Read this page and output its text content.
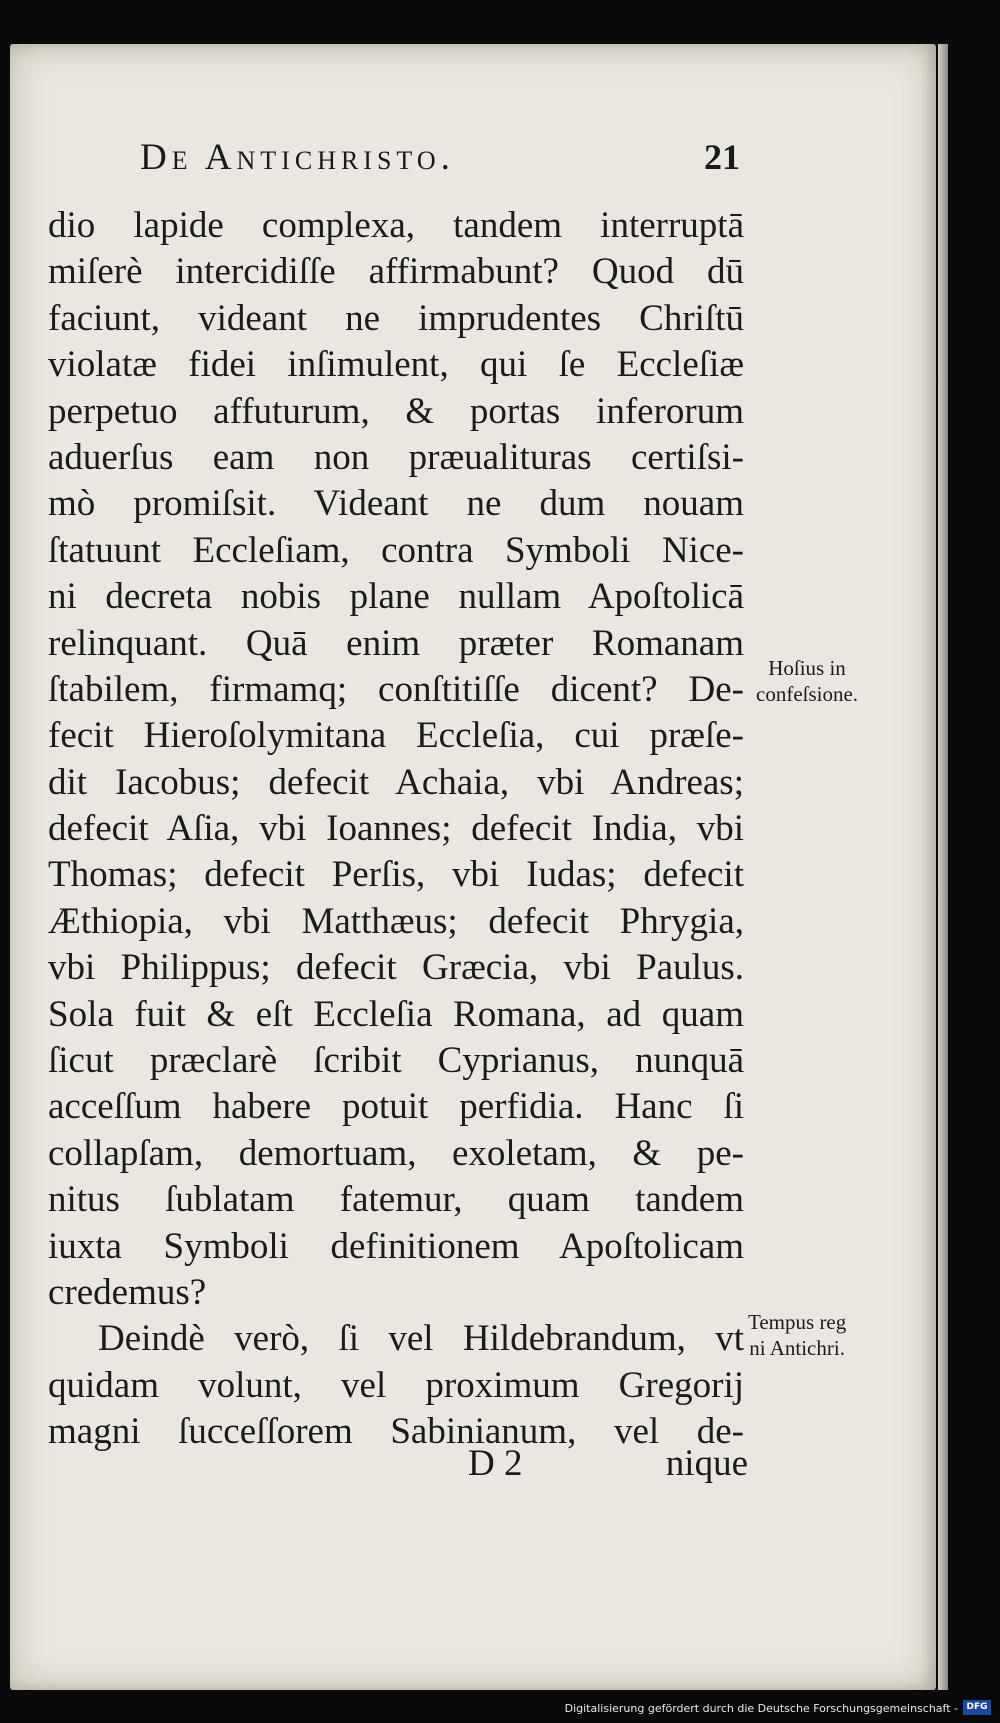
De Antichristo.	21
dio lapide complexa, tandem interruptā
miſerè intercidiſſe affirmabunt? Quod dū
faciunt, videant ne imprudentes Chriſtū
violatæ fidei inſimulent, qui ſe Eccleſiæ
perpetuo affuturum, & portas inferorum
aduerſus eam non præualituras certiſsi-
mò promiſsit. Videant ne dum nouam
ſtatuunt Eccleſiam, contra Symboli Nice-
ni decreta nobis plane nullam Apoſtolicā
relinquant. Quā enim præter Romanam
ſtabilem, firmamq; conſtitiſſe dicent? De-
fecit Hieroſolymitana Eccleſia, cui præſe-
dit Iacobus; defecit Achaia, vbi Andreas;
defecit Aſia, vbi Ioannes; defecit India, vbi
Thomas; defecit Perſis, vbi Iudas; defecit
Æthiopia, vbi Matthæus; defecit Phrygia,
vbi Philippus; defecit Græcia, vbi Paulus.
Sola fuit & eſt Eccleſia Romana, ad quam
ſicut præclarè ſcribit Cyprianus, nunquā
acceſſum habere potuit perfidia. Hanc ſi
collapſam, demortuam, exoletam, & pe-
nitus ſublatam fatemur, quam tandem
iuxta Symboli definitionem Apoſtolicam
credemus?
Deindè verò, ſi vel Hildebrandum, vt
quidam volunt, vel proximum Gregorij
magni ſucceſſorem Sabinianum, vel de-
Hoſius in
confeſsione.
Tempus reg
ni Antichri.
D 2	nique
Digitalisierung gefördert durch die Deutsche Forschungsgemeinschaft - DFG
